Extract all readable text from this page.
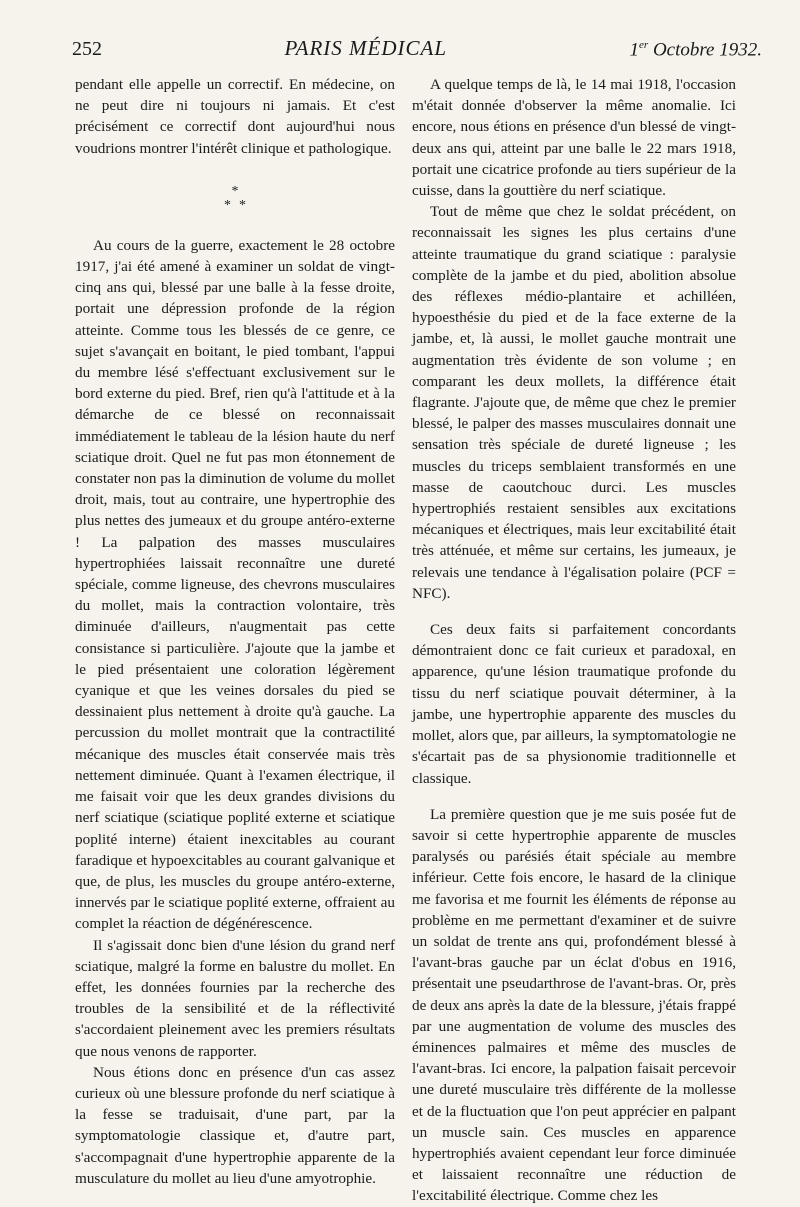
252	PARIS MÉDICAL	1er Octobre 1932.

pendant elle appelle un correctif. En médecine, on ne peut dire ni toujours ni jamais. Et c'est précisément ce correctif dont aujourd'hui nous voudrions montrer l'intérêt clinique et pathologique.

*
**

Au cours de la guerre, exactement le 28 octobre 1917, j'ai été amené à examiner un soldat de vingt-cinq ans qui, blessé par une balle à la fesse droite, portait une dépression profonde de la région atteinte. Comme tous les blessés de ce genre, ce sujet s'avançait en boitant, le pied tombant, l'appui du membre lésé s'effectuant exclusivement sur le bord externe du pied. Bref, rien qu'à l'attitude et à la démarche de ce blessé on reconnaissait immédiatement le tableau de la lésion haute du nerf sciatique droit. Quel ne fut pas mon étonnement de constater non pas la diminution de volume du mollet droit, mais, tout au contraire, une hypertrophie des plus nettes des jumeaux et du groupe antéro-externe ! La palpation des masses musculaires hypertrophiées laissait reconnaître une dureté spéciale, comme ligneuse, des chevrons musculaires du mollet, mais la contraction volontaire, très diminuée d'ailleurs, n'augmentait pas cette consistance si particulière. J'ajoute que la jambe et le pied présentaient une coloration légèrement cyanique et que les veines dorsales du pied se dessinaient plus nettement à droite qu'à gauche. La percussion du mollet montrait que la contractilité mécanique des muscles était conservée mais très nettement diminuée. Quant à l'examen électrique, il me faisait voir que les deux grandes divisions du nerf sciatique (sciatique poplité externe et sciatique poplité interne) étaient inexcitables au courant faradique et hypoexcitables au courant galvanique et que, de plus, les muscles du groupe antéro-externe, innervés par le sciatique poplité externe, offraient au complet la réaction de dégénérescence.

Il s'agissait donc bien d'une lésion du grand nerf sciatique, malgré la forme en balustre du mollet. En effet, les données fournies par la recherche des troubles de la sensibilité et de la réflectivité s'accordaient pleinement avec les premiers résultats que nous venons de rapporter.

Nous étions donc en présence d'un cas assez curieux où une blessure profonde du nerf sciatique à la fesse se traduisait, d'une part, par la symptomatologie classique et, d'autre part, s'accompagnait d'une hypertrophie apparente de la musculature du mollet au lieu d'une amyotrophie.

A quelque temps de là, le 14 mai 1918, l'occasion m'était donnée d'observer la même anomalie. Ici encore, nous étions en présence d'un blessé de vingt-deux ans qui, atteint par une balle le 22 mars 1918, portait une cicatrice profonde au tiers supérieur de la cuisse, dans la gouttière du nerf sciatique.

Tout de même que chez le soldat précédent, on reconnaissait les signes les plus certains d'une atteinte traumatique du grand sciatique : paralysie complète de la jambe et du pied, abolition absolue des réflexes médio-plantaire et achilléen, hypoesthésie du pied et de la face externe de la jambe, et, là aussi, le mollet gauche montrait une augmentation très évidente de son volume ; en comparant les deux mollets, la différence était flagrante. J'ajoute que, de même que chez le premier blessé, le palper des masses musculaires donnait une sensation très spéciale de dureté ligneuse ; les muscles du triceps semblaient transformés en une masse de caoutchouc durci. Les muscles hypertrophiés restaient sensibles aux excitations mécaniques et électriques, mais leur excitabilité était très atténuée, et même sur certains, les jumeaux, je relevais une tendance à l'égalisation polaire (PCF = NFC).

Ces deux faits si parfaitement concordants démontraient donc ce fait curieux et paradoxal, en apparence, qu'une lésion traumatique profonde du tissu du nerf sciatique pouvait déterminer, à la jambe, une hypertrophie apparente des muscles du mollet, alors que, par ailleurs, la symptomatologie ne s'écartait pas de sa physionomie traditionnelle et classique.

La première question que je me suis posée fut de savoir si cette hypertrophie apparente de muscles paralysés ou parésiés était spéciale au membre inférieur. Cette fois encore, le hasard de la clinique me favorisa et me fournit les éléments de réponse au problème en me permettant d'examiner et de suivre un soldat de trente ans qui, profondément blessé à l'avant-bras gauche par un éclat d'obus en 1916, présentait une pseudarthrose de l'avant-bras. Or, près de deux ans après la date de la blessure, j'étais frappé par une augmentation de volume des muscles des éminences palmaires et même des muscles de l'avant-bras. Ici encore, la palpation faisait percevoir une dureté musculaire très différente de la mollesse et de la fluctuation que l'on peut apprécier en palpant un muscle sain. Ces muscles en apparence hypertrophiés avaient cependant leur force diminuée et laissaient reconnaître une réduction de l'excitabilité électrique. Comme chez les
